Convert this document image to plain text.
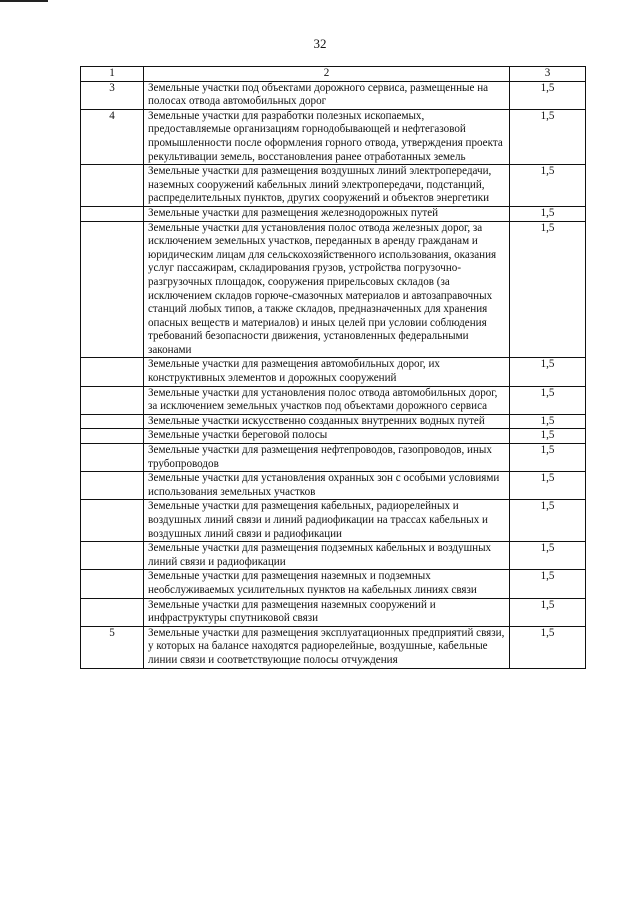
32
1	2	3
3	Земельные участки под объектами дорожного сервиса, размещенные на полосах отвода автомобильных дорог	1,5
4	Земельные участки для разработки полезных ископаемых, предоставляемые организациям горнодобывающей и нефтегазовой промышленности после оформления горного отвода, утверждения проекта рекультивации земель, восстановления ранее отработанных земель	1,5
	Земельные участки для размещения воздушных линий электропередачи, наземных сооружений кабельных линий электропередачи, подстанций, распределительных пунктов, других сооружений и объектов энергетики	1,5
	Земельные участки для размещения железнодорожных путей	1,5
	Земельные участки для установления полос отвода железных дорог, за исключением земельных участков, переданных в аренду гражданам и юридическим лицам для сельскохозяйственного использования, оказания услуг пассажирам, складирования грузов, устройства погрузочно-разгрузочных площадок, сооружения прирельсовых складов (за исключением складов горюче-смазочных материалов и автозаправочных станций любых типов, а также складов, предназначенных для хранения опасных веществ и материалов) и иных целей при условии соблюдения требований безопасности движения, установленных федеральными законами	1,5
	Земельные участки для размещения автомобильных дорог, их конструктивных элементов и дорожных сооружений	1,5
	Земельные участки для установления полос отвода автомобильных дорог, за исключением земельных участков под объектами дорожного сервиса	1,5
	Земельные участки искусственно созданных внутренних водных путей	1,5
	Земельные участки береговой полосы	1,5
	Земельные участки для размещения нефтепроводов, газопроводов, иных трубопроводов	1,5
	Земельные участки для установления охранных зон с особыми условиями использования земельных участков	1,5
	Земельные участки для размещения кабельных, радиорелейных и воздушных линий связи и линий радиофикации на трассах кабельных и воздушных линий связи и радиофикации	1,5
	Земельные участки для размещения подземных кабельных и воздушных линий связи и радиофикации	1,5
	Земельные участки для размещения наземных и подземных необслуживаемых усилительных пунктов на кабельных линиях связи	1,5
	Земельные участки для размещения наземных сооружений и инфраструктуры спутниковой связи	1,5
5	Земельные участки для размещения эксплуатационных предприятий связи, у которых на балансе находятся радиорелейные, воздушные, кабельные линии связи и соответствующие полосы отчуждения	1,5
